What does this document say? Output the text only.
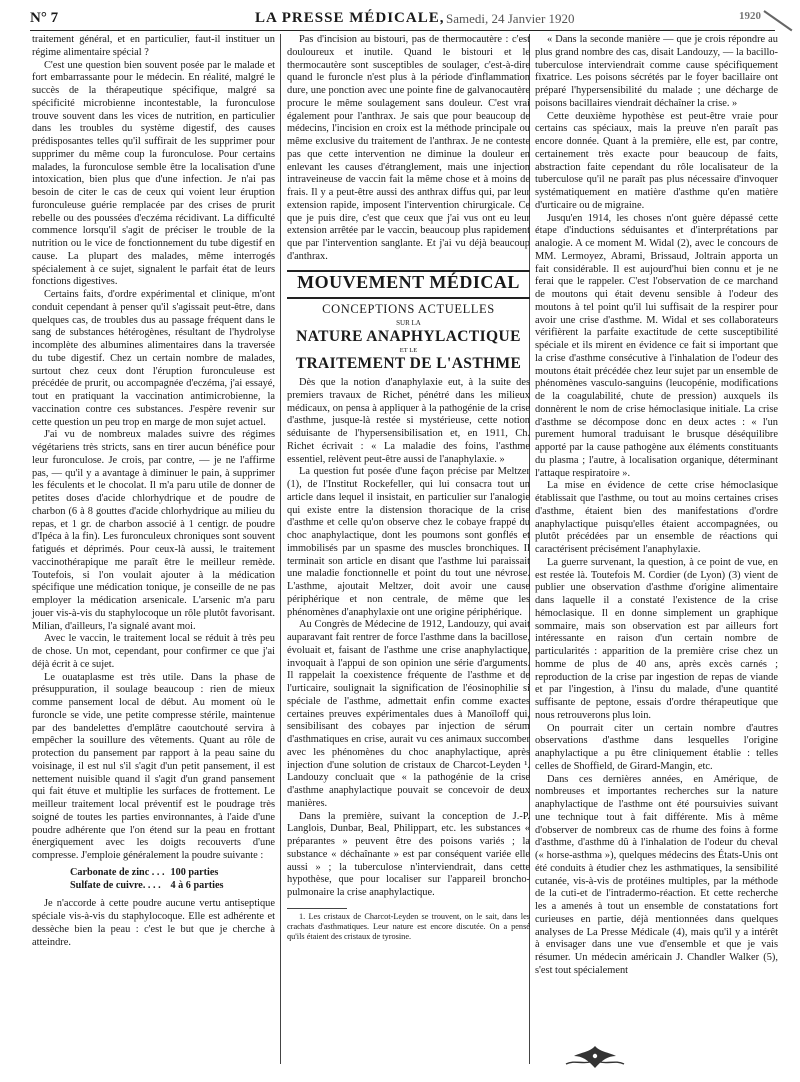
N° 7	LA PRESSE MÉDICALE, Samedi, 24 Janvier 1920	1920

traitement général, et en particulier, faut-il instituer un régime alimentaire spécial ?

C'est une question bien souvent posée par le malade et fort embarrassante pour le médecin. En réalité, malgré le succès de la thérapeutique spécifique, malgré sa spécificité microbienne incontestable, la furonculose trouve souvent dans les vices de nutrition, en particulier dans les troubles du système digestif, des causes prédisposantes telles qu'il suffirait de les supprimer pour supprimer du même coup la furonculose. Pour certains malades, la furonculose semble être la localisation d'une intoxication, bien plus que d'une infection. Je n'ai pas besoin de citer le cas de ceux qui voient leur éruption furonculeuse guérie remplacée par des crises de prurit rebelle ou des poussées d'eczéma récidivant. La difficulté commence lorsqu'il s'agit de préciser le trouble de la nutrition ou le vice de fonctionnement du tube digestif en cause. La plupart des malades, même interrogés spécialement à ce sujet, signalent le parfait état de leurs fonctions digestives.

Certains faits, d'ordre expérimental et clinique, m'ont conduit cependant à penser qu'il s'agissait peut-être, dans quelques cas, de troubles dus au passage fréquent dans le sang de substances hétérogènes, résultant de l'hydrolyse incomplète des albumines alimentaires dans la traversée du tube digestif. Chez un certain nombre de malades, surtout chez ceux dont l'éruption furonculeuse est précédée de prurit, ou accompagnée d'eczéma, j'ai essayé, tout en pratiquant la vaccination antimicrobienne, la vaccination contre ces substances. J'espère revenir sur cette question un peu trop en marge de mon sujet actuel.

J'ai vu de nombreux malades suivre des régimes végétariens très stricts, sans en tirer aucun bénéfice pour leur furonculose. Je crois, par contre, — je ne l'affirme pas, — qu'il y a avantage à diminuer le pain, à supprimer les féculents et le chocolat. Il m'a paru utile de donner de petites doses d'acide chlorhydrique et de poudre de charbon (6 à 8 gouttes d'acide chlorhydrique au milieu du repas, et 1 gr. de charbon associé à 1 centigr. de poudre d'Ipéca à la fin). Les furonculeux chroniques sont souvent fatigués et déprimés. Pour ceux-là aussi, le traitement vaccinothérapique me paraît être le meilleur remède. Toutefois, si l'on voulait ajouter à la médication spécifique une médication tonique, je conseille de ne pas employer la médication arsenicale. L'arsenic m'a paru jouer vis-à-vis du staphylocoque un rôle plutôt favorisant. Milian, d'ailleurs, l'a signalé avant moi.

Avec le vaccin, le traitement local se réduit à très peu de chose. Un mot, cependant, pour confirmer ce que j'ai déjà écrit à ce sujet.

Le ouataplasme est très utile. Dans la phase de présuppuration, il soulage beaucoup : rien de mieux comme pansement local de début. Au moment où le furoncle se vide, une petite compresse stérile, maintenue par des bandelettes d'emplâtre caoutchouté servira à empêcher la souillure des vêtements. Quant au rôle de protection du pansement par rapport à la peau saine du voisinage, il est nul s'il s'agit d'un petit pansement, il est nettement nuisible quand il s'agit d'un grand pansement qui fait étuve et multiplie les surfaces de frottement. Le meilleur traitement local préventif est le poudrage très soigné de toutes les parties environnantes, à l'aide d'une poudre adhérente que l'on étend sur la peau en frottant énergiquement avec les doigts recouverts d'une compresse. J'emploie généralement la poudre suivante :

Carbonate de zinc . . .	100 parties
Sulfate de cuivre. . . .	4 à 6 parties

Je n'accorde à cette poudre aucune vertu antiseptique spéciale vis-à-vis du staphylocoque. Elle est adhérente et dessèche bien la peau : c'est le but que je cherche à atteindre.

Pas d'incision au bistouri, pas de thermocautère : c'est douloureux et inutile. Quand le bistouri et le thermocautère sont susceptibles de soulager, c'est-à-dire quand le furoncle n'est plus à la période d'inflammation dure, une ponction avec une pointe fine de galvanocautère procure le même soulagement sans douleur. C'est vrai également pour l'anthrax. Je sais que pour beaucoup de médecins, l'incision en croix est la méthode principale ou même exclusive du traitement de l'anthrax. Je ne conteste pas que cette intervention ne diminue la douleur en enlevant les causes d'étranglement, mais une injection intraveineuse de vaccin fait la même chose et à moins de frais. Il y a peut-être aussi des anthrax diffus qui, par leur extension rapide, imposent l'intervention chirurgicale. Ce que je puis dire, c'est que ceux que j'ai vus ont eu leur extension arrêtée par le vaccin, beaucoup plus rapidement que par l'intervention sanglante. Et j'ai vu déjà beaucoup d'anthrax.

MOUVEMENT MÉDICAL
CONCEPTIONS ACTUELLES
SUR LA
NATURE ANAPHYLACTIQUE
ET LE
TRAITEMENT DE L'ASTHME

Dès que la notion d'anaphylaxie eut, à la suite des premiers travaux de Richet, pénétré dans les milieux médicaux, on pensa à appliquer à la pathogénie de la crise d'asthme, jusque-là restée si mystérieuse, cette notion séduisante de l'hypersensibilisation et, en 1911, Ch. Richet écrivait : « La maladie des foins, l'asthme essentiel, relèvent peut-être aussi de l'anaphylaxie. »

La question fut posée d'une façon précise par Meltzer (1), de l'Institut Rockefeller, qui lui consacra tout un article dans lequel il insistait, en particulier sur l'analogie qui existe entre la distension thoracique de la crise d'asthme et celle qu'on observe chez le cobaye frappé du choc anaphylactique, dont les poumons sont gonflés et immobilisés par un spasme des muscles bronchiques. Il terminait son article en disant que l'asthme lui paraissait une maladie fonctionnelle et point du tout une névrose. L'asthme, ajoutait Meltzer, doit avoir une cause périphérique et non centrale, de même que les phénomènes d'anaphylaxie ont une origine périphérique.

Au Congrès de Médecine de 1912, Landouzy, qui avait auparavant fait rentrer de force l'asthme dans la bacillose, évoluait et, faisant de l'asthme une crise anaphylactique, invoquait à l'appui de son opinion une série d'arguments. Il rappelait la coexistence fréquente de l'asthme et de l'urticaire, soulignait la signification de l'éosinophilie si spéciale de l'asthme, admettait enfin comme exactes certaines preuves expérimentales dues à Manoïloff qui, sensibilisant des cobayes par injection de sérum d'asthmatiques en crise, aurait vu ces animaux succomber avec les phénomènes du choc anaphylactique, après injection d'une solution de cristaux de Charcot-Leyden ¹. Landouzy concluait que « la pathogénie de la crise d'asthme anaphylactique pouvait se concevoir de deux manières.

Dans la première, suivant la conception de J.-P. Langlois, Dunbar, Beal, Philippart, etc. les substances « préparantes » peuvent être des poisons variés ; la substance « déchaînante » est par conséquent variée elle aussi » ; la tuberculose n'interviendrait, dans cette hypothèse, que pour localiser sur l'appareil broncho-pulmonaire la crise anaphylactique.

1. Les cristaux de Charcot-Leyden se trouvent, on le sait, dans les crachats d'asthmatiques. Leur nature est encore discutée. On a pensé qu'ils étaient des cristaux de tyrosine.

« Dans la seconde manière — que je crois répondre au plus grand nombre des cas, disait Landouzy, — la bacillo-tuberculose interviendrait comme cause spécifiquement fixatrice. Les poisons sécrétés par le foyer bacillaire ont préparé l'hypersensibilité du malade ; une décharge de poisons bacillaires viendrait déchaîner la crise. »

Cette deuxième hypothèse est peut-être vraie pour certains cas spéciaux, mais la preuve n'en paraît pas encore donnée. Quant à la première, elle est, par contre, certainement très exacte pour beaucoup de faits, abstraction faite cependant du rôle localisateur de la tuberculose qu'il ne paraît pas plus nécessaire d'invoquer systématiquement en matière d'asthme qu'en matière d'urticaire ou de migraine.

Jusqu'en 1914, les choses n'ont guère dépassé cette étape d'inductions séduisantes et d'interprétations par analogie. A ce moment M. Widal (2), avec le concours de MM. Lermoyez, Abrami, Brissaud, Joltrain apporta un fait considérable. Il est aujourd'hui bien connu et je ne ferai que le rappeler. C'est l'observation de ce marchand de moutons qui était devenu sensible à l'odeur des moutons à tel point qu'il lui suffisait de la respirer pour avoir une crise d'asthme. M. Widal et ses collaborateurs vérifièrent la parfaite exactitude de cette susceptibilité spéciale et ils mirent en évidence ce fait si important que la crise d'asthme consécutive à l'inhalation de l'odeur des moutons était précédée chez leur sujet par un ensemble de phénomènes vasculo-sanguins (leucopénie, modifications de la coagulabilité, chute de pression) auxquels ils donnèrent le nom de crise hémoclasique initiale. La crise d'asthme se décompose donc en deux actes : « l'un purement humoral traduisant le brusque déséquilibre apporté par la cause pathogène aux éléments constituants du plasma ; l'autre, à localisation organique, déterminant l'attaque respiratoire ».

La mise en évidence de cette crise hémoclasique établissait que l'asthme, ou tout au moins certaines crises d'asthme, étaient bien des manifestations d'ordre anaphylactique puisqu'elles étaient accompagnées, ou plutôt précédées par un ensemble de réactions qui caractérisent précisément l'anaphylaxie.

La guerre survenant, la question, à ce point de vue, en est restée là. Toutefois M. Cordier (de Lyon) (3) vient de publier une observation d'asthme d'origine alimentaire dans laquelle il a constaté l'existence de la crise hémoclasique. Il en donne simplement un graphique sommaire, mais son observation est par ailleurs fort intéressante en raison d'un certain nombre de particularités : apparition de la première crise chez un homme de plus de 40 ans, après excès carnés ; reproduction de la crise par ingestion de repas de viande et par l'ingestion, à l'insu du malade, d'une quantité suffisante de peptone, essais d'ordre thérapeutique que nous retrouverons plus loin.

On pourrait citer un certain nombre d'autres observations d'asthme dans lesquelles l'origine anaphylactique a pu être cliniquement établie : telles celles de Shoffield, de Girard-Mangin, etc.

Dans ces dernières années, en Amérique, de nombreuses et importantes recherches sur la nature anaphylactique de l'asthme ont été poursuivies suivant une technique tout à fait différente. Mis à même d'observer de nombreux cas de rhume des foins à forme d'asthme, d'asthme dû à l'inhalation de l'odeur du cheval (« horse-asthma »), quelques médecins des États-Unis ont été conduits à étudier chez les asthmatiques, la sensibilité cutanée, vis-à-vis de protéines multiples, par la méthode de la cuti-et de l'intradermo-réaction. Et cette recherche les a amenés à tout un ensemble de constatations fort curieuses en partie, déjà mentionnées dans quelques analyses de La Presse Médicale (4), mais qu'il y a intérêt à envisager dans une vue d'ensemble et que je vais résumer. Un médecin américain J. Chandler Walker (5), s'est tout spécialement
